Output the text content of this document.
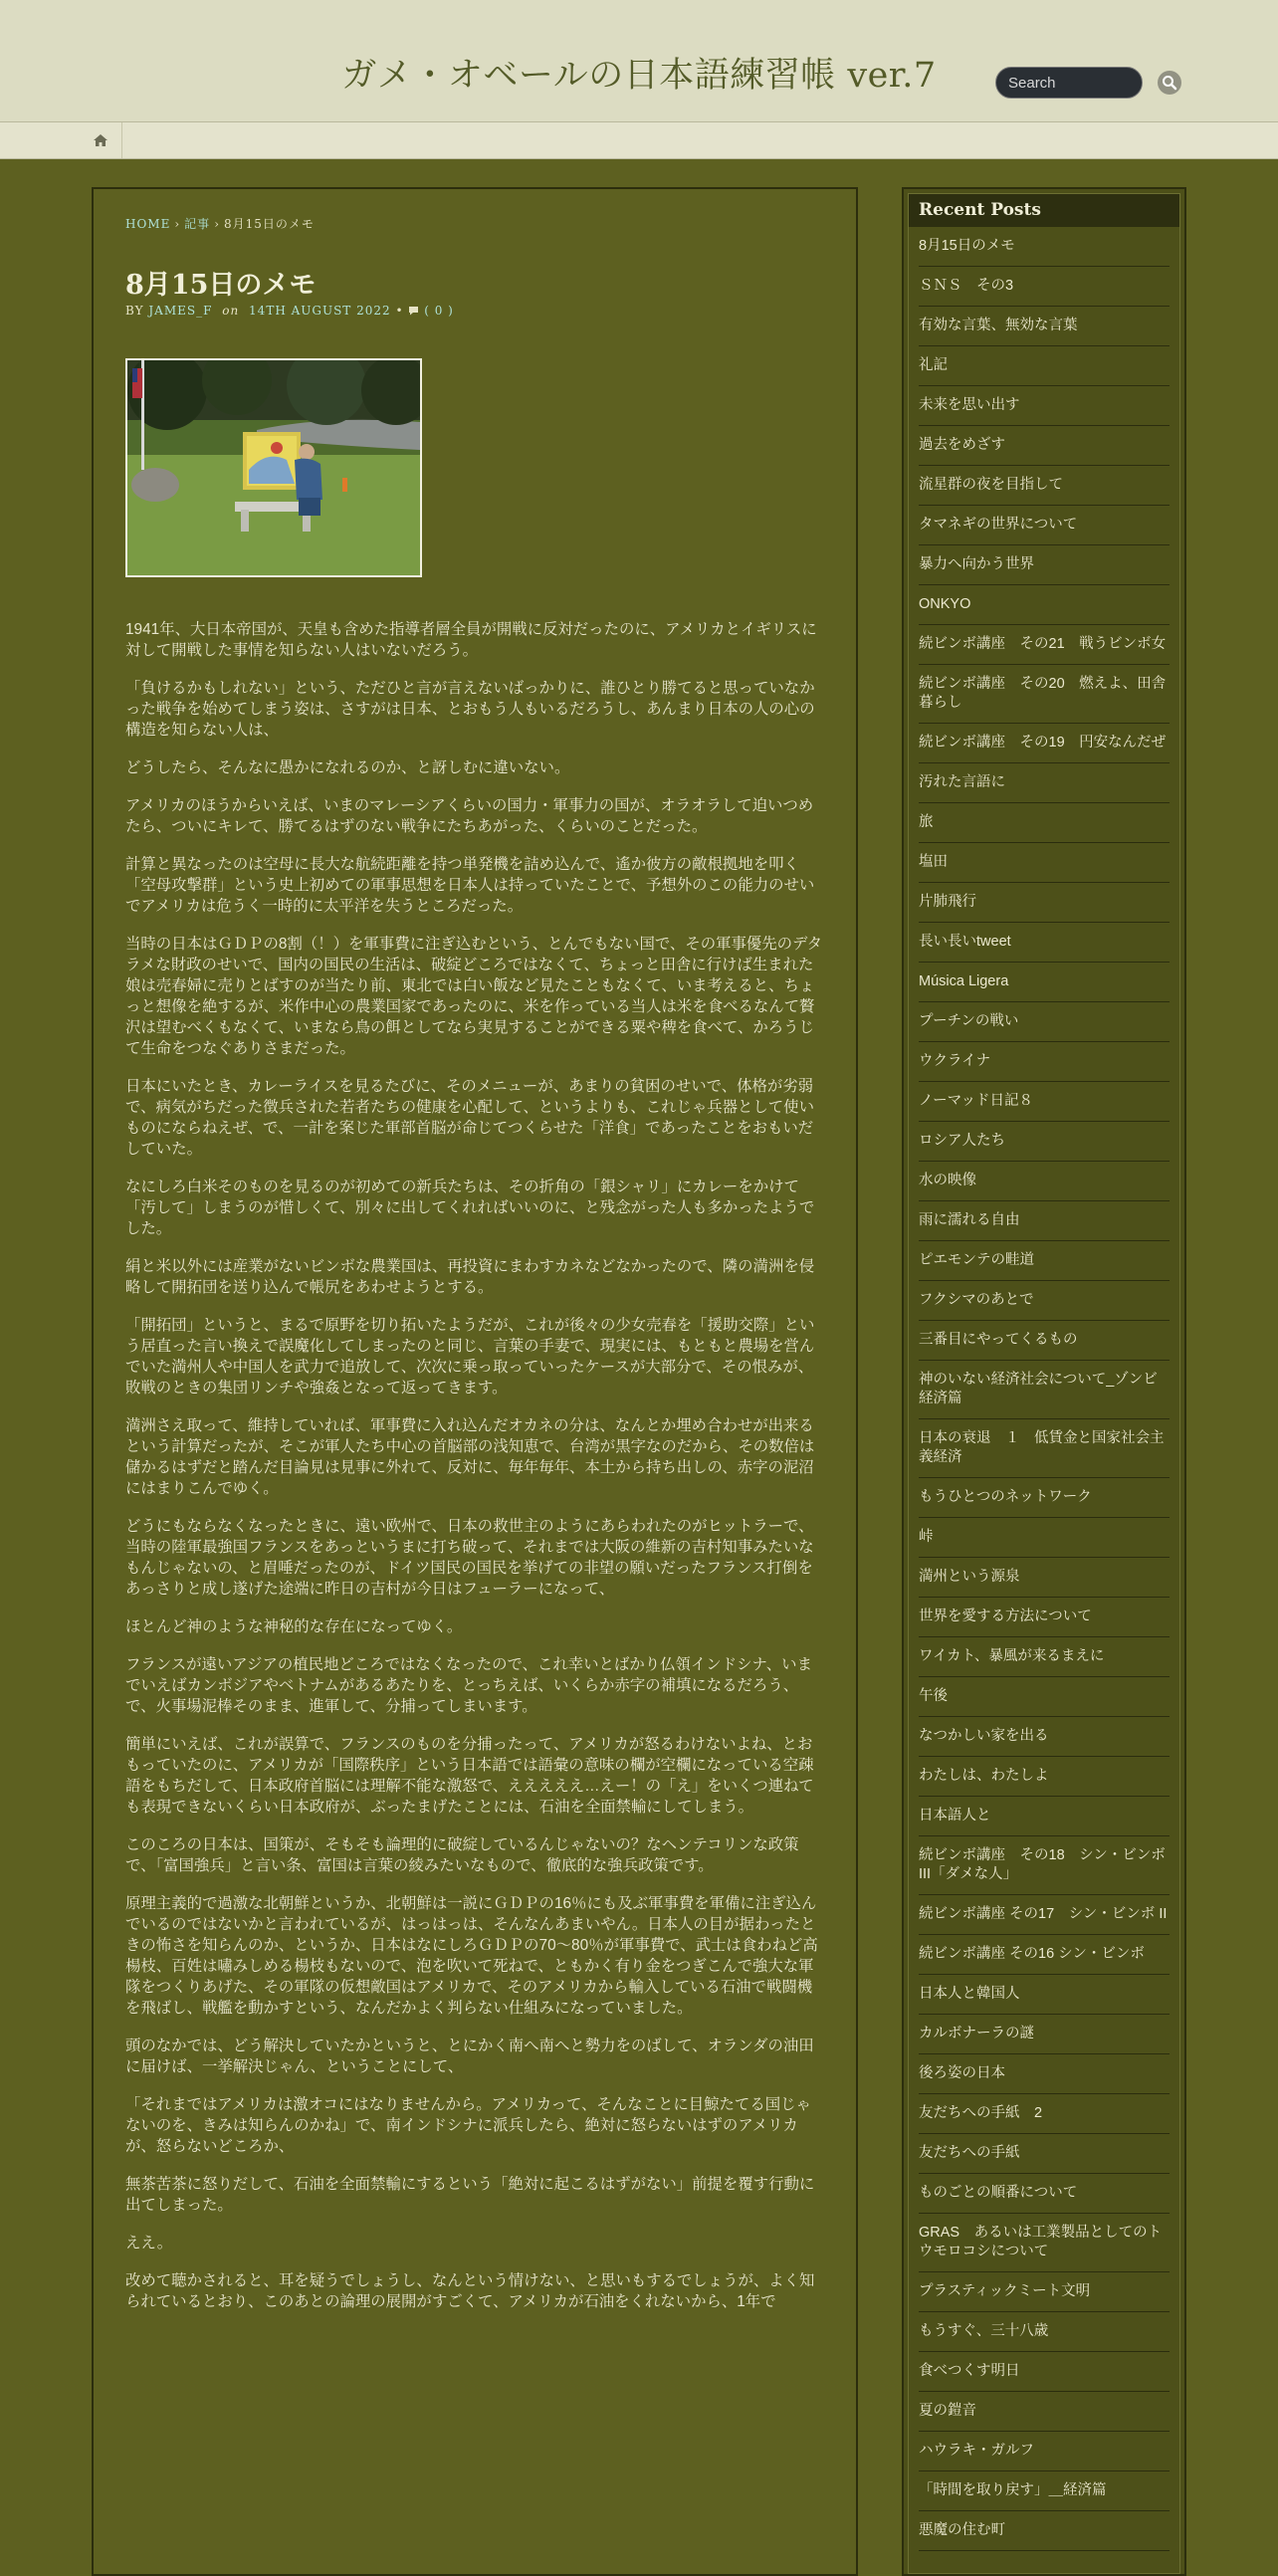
ガメ・オベールの日本語練習帳 ver.7
Search
HOME › 記事 › 8月15日のメモ
8月15日のメモ
BY JAMES_F on 14TH AUGUST 2022 • ( 0 )

1941年、大日本帝国が、天皇も含めた指導者層全員が開戦に反対だったのに、アメリカとイギリスに対して開戦した事情を知らない人はいないだろう。

「負けるかもしれない」という、ただひと言が言えないばっかりに、誰ひとり勝てると思っていなかった戦争を始めてしまう姿は、さすがは日本、とおもう人もいるだろうし、あんまり日本の人の心の構造を知らない人は、

どうしたら、そんなに愚かになれるのか、と訝しむに違いない。

アメリカのほうからいえば、いまのマレーシアくらいの国力・軍事力の国が、オラオラして迫いつめたら、ついにキレて、勝てるはずのない戦争にたちあがった、くらいのことだった。

計算と異なったのは空母に長大な航続距離を持つ単発機を詰め込んで、遙か彼方の敵根拠地を叩く「空母攻撃群」という史上初めての軍事思想を日本人は持っていたことで、予想外のこの能力のせいでアメリカは危うく一時的に太平洋を失うところだった。

当時の日本はＧＤＰの8割（！）を軍事費に注ぎ込むという、とんでもない国で、その軍事優先のデタラメな財政のせいで、国内の国民の生活は、破綻どころではなくて、ちょっと田舎に行けば生まれた娘は売春婦に売りとばすのが当たり前、東北では白い飯など見たこともなくて、いま考えると、ちょっと想像を絶するが、米作中心の農業国家であったのに、米を作っている当人は米を食べるなんて贅沢は望むべくもなくて、いまなら鳥の餌としてなら実見することができる粟や稗を食べて、かろうじて生命をつなぐありさまだった。

日本にいたとき、カレーライスを見るたびに、そのメニューが、あまりの貧困のせいで、体格が劣弱で、病気がちだった徴兵された若者たちの健康を心配して、というよりも、これじゃ兵器として使いものにならねえぜ、で、一計を案じた軍部首脳が命じてつくらせた「洋食」であったことをおもいだしていた。

なにしろ白米そのものを見るのが初めての新兵たちは、その折角の「銀シャリ」にカレーをかけて「汚して」しまうのが惜しくて、別々に出してくれればいいのに、と残念がった人も多かったようでした。

絹と米以外には産業がないビンボな農業国は、再投資にまわすカネなどなかったので、隣の満洲を侵略して開拓団を送り込んで帳尻をあわせようとする。

「開拓団」というと、まるで原野を切り拓いたようだが、これが後々の少女売春を「援助交際」という居直った言い換えで誤魔化してしまったのと同じ、言葉の手妻で、現実には、もともと農場を営んでいた満州人や中国人を武力で追放して、次次に乗っ取っていったケースが大部分で、その恨みが、敗戦のときの集団リンチや強姦となって返ってきます。

満洲さえ取って、維持していれば、軍事費に入れ込んだオカネの分は、なんとか埋め合わせが出来るという計算だったが、そこが軍人たち中心の首脳部の浅知恵で、台湾が黒字なのだから、その数倍は儲かるはずだと踏んだ目論見は見事に外れて、反対に、毎年毎年、本土から持ち出しの、赤字の泥沼にはまりこんでゆく。

どうにもならなくなったときに、遠い欧州で、日本の救世主のようにあらわれたのがヒットラーで、当時の陸軍最強国フランスをあっというまに打ち破って、それまでは大阪の維新の吉村知事みたいなもんじゃないの、と眉唾だったのが、ドイツ国民の国民を挙げての非望の願いだったフランス打倒をあっさりと成し遂げた途端に昨日の吉村が今日はフューラーになって、

ほとんど神のような神秘的な存在になってゆく。

フランスが遠いアジアの植民地どころではなくなったので、これ幸いとばかり仏領インドシナ、いまでいえばカンボジアやベトナムがあるあたりを、とっちえば、いくらか赤字の補填になるだろう、で、火事場泥棒そのまま、進軍して、分捕ってしまいます。

簡単にいえば、これが誤算で、フランスのものを分捕ったって、アメリカが怒るわけないよね、とおもっていたのに、アメリカが「国際秩序」という日本語では語彙の意味の欄が空欄になっている空疎語をもちだして、日本政府首脳には理解不能な激怒で、えええええ…えー！の「え」をいくつ連ねても表現できないくらい日本政府が、ぶったまげたことには、石油を全面禁輸にしてしまう。

このころの日本は、国策が、そもそも論理的に破綻しているんじゃないの？なヘンテコリンな政策で、「富国強兵」と言い条、富国は言葉の綾みたいなもので、徹底的な強兵政策です。

原理主義的で過激な北朝鮮というか、北朝鮮は一説にＧＤＰの16％にも及ぶ軍事費を軍備に注ぎ込んでいるのではないかと言われているが、はっはっは、そんなんあまいやん。日本人の目が据わったときの怖さを知らんのか、というか、日本はなにしろＧＤＰの70～80％が軍事費で、武士は食わねど高楊枝、百姓は嘯みしめる楊枝もないので、泡を吹いて死ねで、ともかく有り金をつぎこんで強大な軍隊をつくりあげた、その軍隊の仮想敵国はアメリカで、そのアメリカから輸入している石油で戦闘機を飛ばし、戦艦を動かすという、なんだかよく判らない仕組みになっていました。

頭のなかでは、どう解決していたかというと、とにかく南へ南へと勢力をのばして、オランダの油田に届けば、一挙解決じゃん、ということにして、

「それまではアメリカは激オコにはなりませんから。アメリカって、そんなことに目鯨たてる国じゃないのを、きみは知らんのかね」で、南インドシナに派兵したら、絶対に怒らないはずのアメリカが、怒らないどころか、

無茶苦茶に怒りだして、石油を全面禁輸にするという「絶対に起こるはずがない」前提を覆す行動に出てしまった。

ええ。

改めて聴かされると、耳を疑うでしょうし、なんという情けない、と思いもするでしょうが、よく知られているとおり、このあとの論理の展開がすごくて、アメリカが石油をくれないから、1年で

Recent Posts
8月15日のメモ
ＳＮＳ　その3
有効な言葉、無効な言葉
礼記
未来を思い出す
過去をめざす
流星群の夜を目指して
タマネギの世界について
暴力へ向かう世界
ONKYO
続ビンボ講座　その21　戦うビンボ女
続ビンボ講座　その20　燃えよ、田舎暮らし
続ビンボ講座　その19　円安なんだぜ
汚れた言語に
旅
塩田
片肺飛行
長い長いtweet
Música Ligera
プーチンの戦い
ウクライナ
ノーマッド日記８
ロシア人たち
水の映像
雨に濡れる自由
ピエモンテの畦道
フクシマのあとで
三番目にやってくるもの
神のいない経済社会について_ゾンビ経済篇
日本の衰退　１　低賃金と国家社会主義経済
もうひとつのネットワーク
峠
満州という源泉
世界を愛する方法について
ワイカト、暴風が来るまえに
午後
なつかしい家を出る
わたしは、わたしよ
日本語人と
続ビンボ講座　その18　シン・ビンボ III「ダメな人」
続ビンボ講座 その17　シン・ビンボ II
続ビンボ講座 その16 シン・ビンボ
日本人と韓国人
カルボナーラの謎
後ろ姿の日本
友だちへの手紙　2
友だちへの手紙
ものごとの順番について
GRAS　あるいは工業製品としてのトウモロコシについて
プラスティックミート文明
もうすぐ、三十八歳
食べつくす明日
夏の鎧音
ハウラキ・ガルフ
「時間を取り戻す」＿経済篇
悪魔の住む町
